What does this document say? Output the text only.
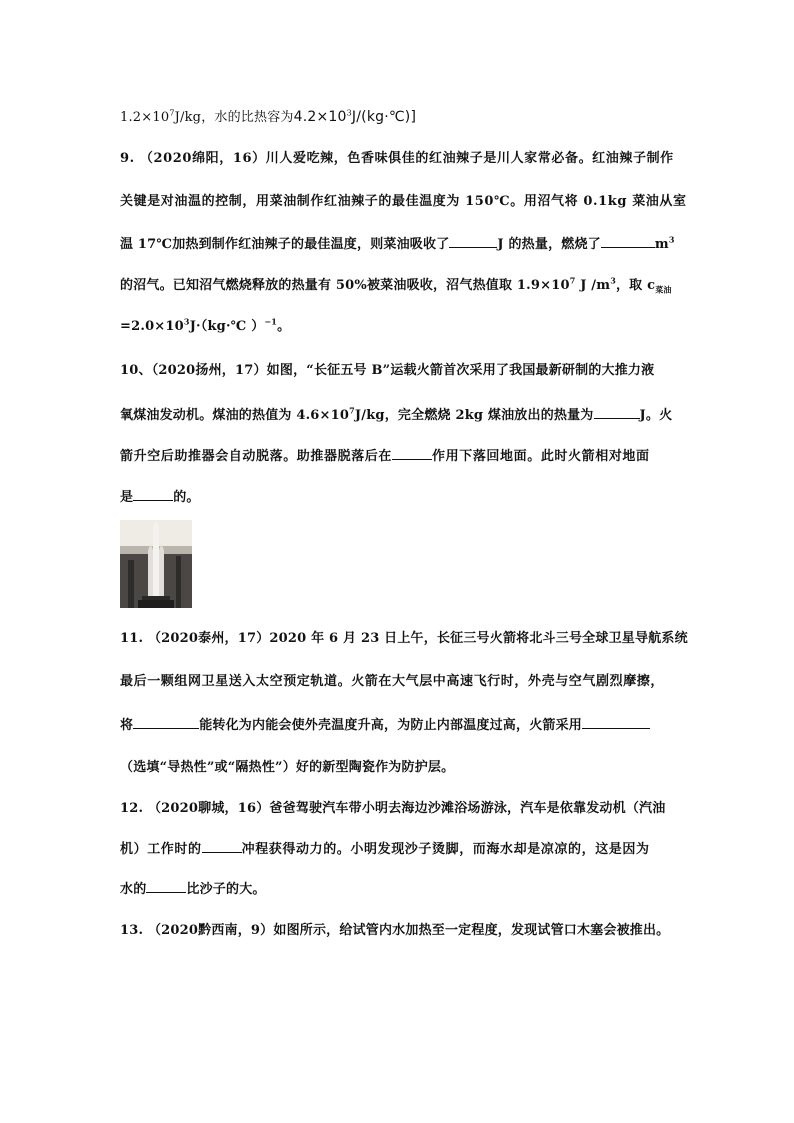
$1.2\times 10^7J/kg$，水的比热容为$4.2\times 10^3J/(kg\cdot℃)$]
9. （2020绵阳，16）川人爱吃辣，色香味俱佳的红油辣子是川人家常必备。红油辣子制作
关键是对油温的控制，用菜油制作红油辣子的最佳温度为 150℃。用沼气将 0.1kg 菜油从室
温 17℃加热到制作红油辣子的最佳温度，则菜油吸收了	J 的热量，燃烧了	$m^3$
的沼气。已知沼气燃烧释放的热量有 50%被菜油吸收，沼气热值取 $1.9\times 10^7$ J $/m^3$，取 $c_{菜油}$
$=2.0\times 10^3J\cdot(kg\cdot℃$ ）$^{-1}$。
10、（2020扬州，17）如图，“长征五号 B”运载火箭首次采用了我国最新研制的大推力液
氧煤油发动机。煤油的热值为 $4.6\times 10^7J/kg$，完全燃烧 2kg 煤油放出的热量为	J。火
箭升空后助推器会自动脱落。助推器脱落后在	作用下落回地面。此时火箭相对地面
是	的。
11. （2020泰州，17）2020 年 6 月 23 日上午，长征三号火箭将北斗三号全球卫星导航系统
最后一颗组网卫星送入太空预定轨道。火箭在大气层中高速飞行时，外壳与空气剧烈摩擦，
将	能转化为内能会使外壳温度升高，为防止内部温度过高，火箭采用
（选填“导热性”或“隔热性”）好的新型陶瓷作为防护层。
12. （2020聊城，16）爸爸驾驶汽车带小明去海边沙滩浴场游泳，汽车是依靠发动机（汽油
机）工作时的	冲程获得动力的。小明发现沙子烫脚，而海水却是凉凉的，这是因为
水的	比沙子的大。
13. （2020黔西南，9）如图所示，给试管内水加热至一定程度，发现试管口木塞会被推出。
